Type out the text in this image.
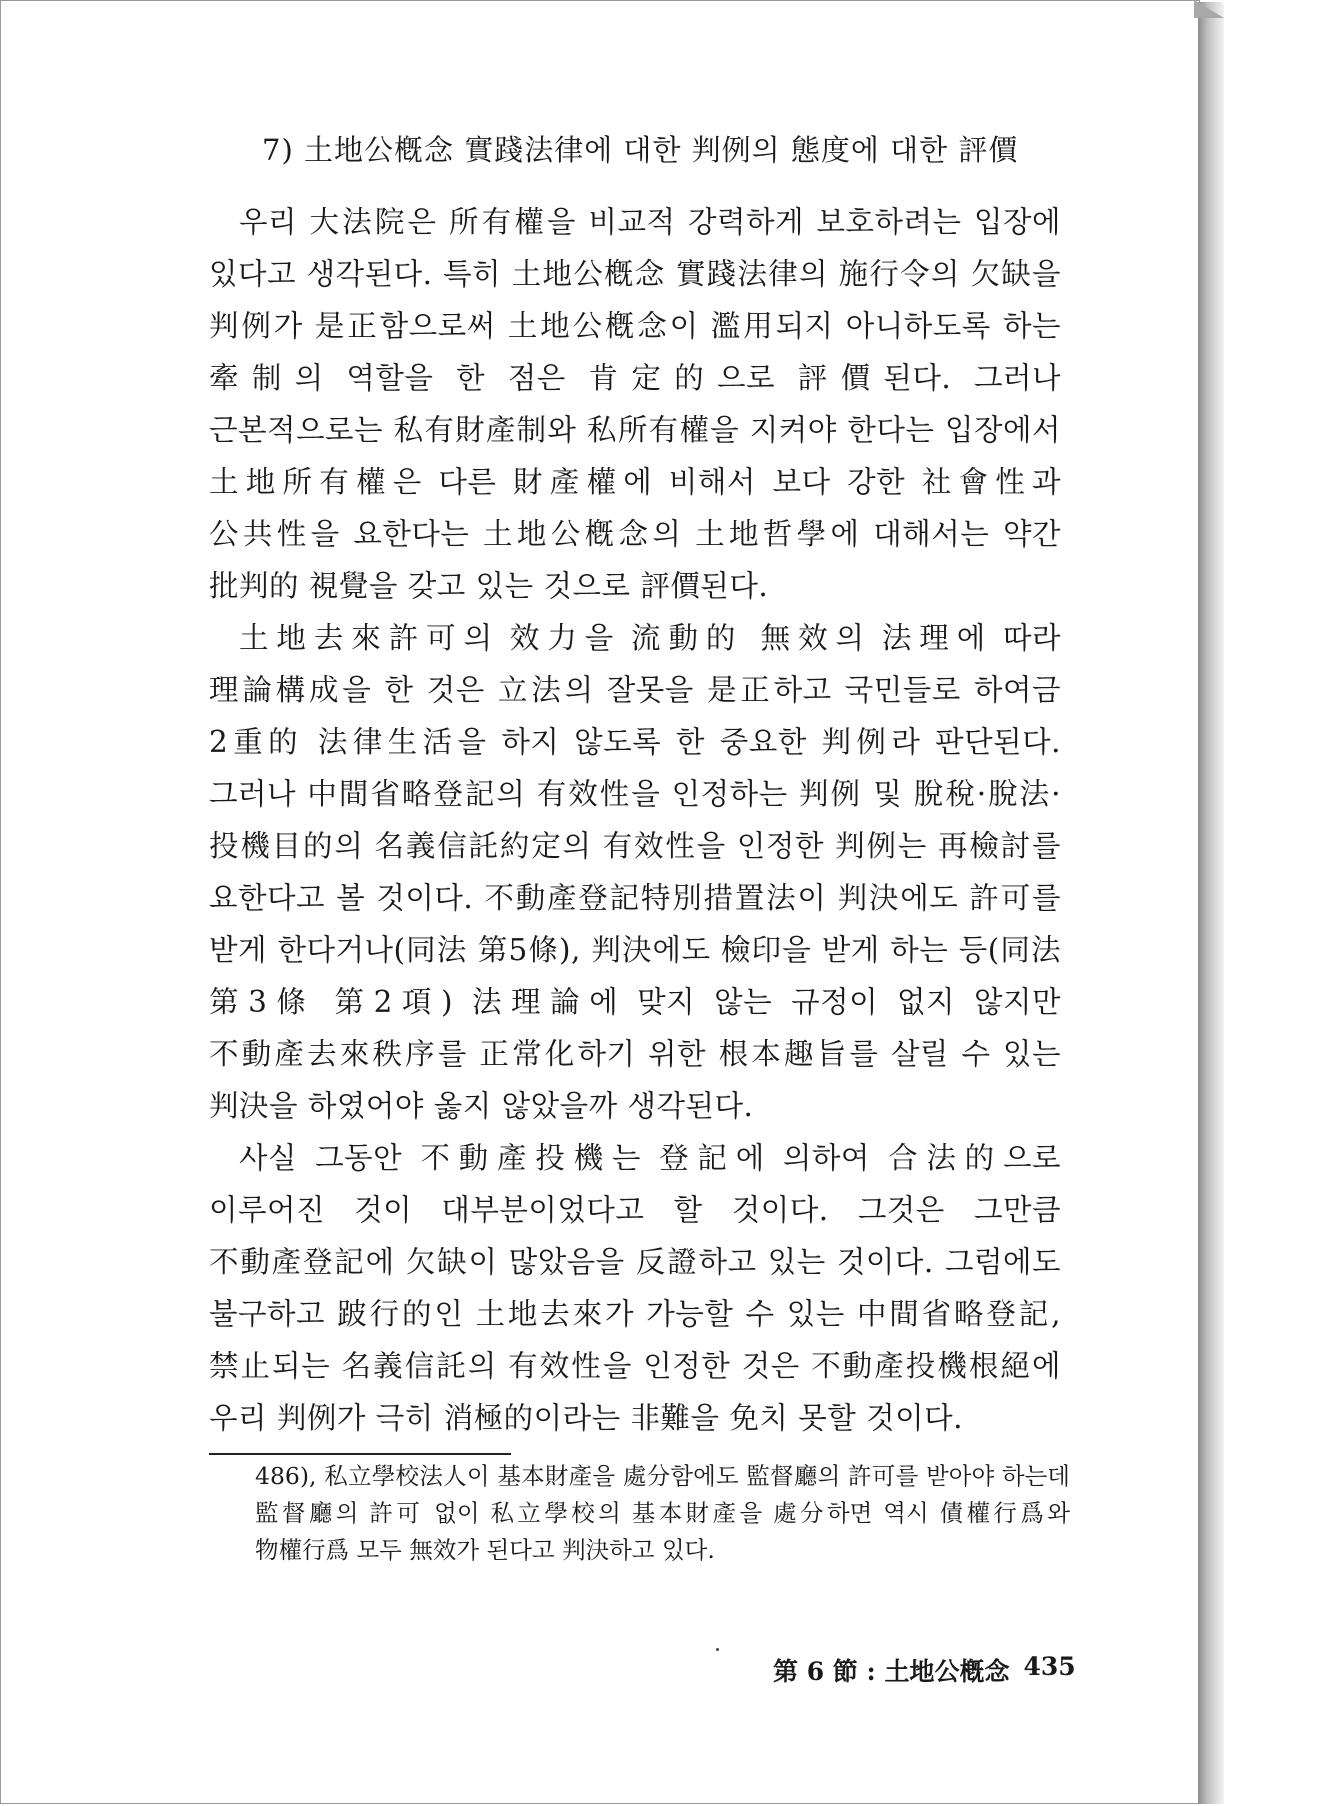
7) 土地公槪念 實踐法律에 대한 判例의 態度에 대한 評價

우리 大法院은 所有權을 비교적 강력하게 보호하려는 입장에 있다고 생각된다. 특히 土地公槪念 實踐法律의 施行令의 欠缺을 判例가 是正함으로써 土地公槪念이 濫用되지 아니하도록 하는 牽制의 역할을 한 점은 肯定的으로 評價된다. 그러나 근본적으로는 私有財產制와 私所有權을 지켜야 한다는 입장에서 土地所有權은 다른 財產權에 비해서 보다 강한 社會性과 公共性을 요한다는 土地公槪念의 土地哲學에 대해서는 약간 批判的 視覺을 갖고 있는 것으로 評價된다.

土地去來許可의 效力을 流動的 無效의 法理에 따라 理論構成을 한 것은 立法의 잘못을 是正하고 국민들로 하여금 2重的 法律生活을 하지 않도록 한 중요한 判例라 판단된다. 그러나 中間省略登記의 有效性을 인정하는 判例 및 脫稅·脫法·投機目的의 名義信託約定의 有效性을 인정한 判例는 再檢討를 요한다고 볼 것이다. 不動產登記特別措置法이 判決에도 許可를 받게 한다거나(同法 第5條), 判決에도 檢印을 받게 하는 등(同法 第3條 第2項) 法理論에 맞지 않는 규정이 없지 않지만 不動產去來秩序를 正常化하기 위한 根本趣旨를 살릴 수 있는 判決을 하였어야 옳지 않았을까 생각된다.

사실 그동안 不動產投機는 登記에 의하여 合法的으로 이루어진 것이 대부분이었다고 할 것이다. 그것은 그만큼 不動產登記에 欠缺이 많았음을 反證하고 있는 것이다. 그럼에도 불구하고 跛行的인 土地去來가 가능할 수 있는 中間省略登記, 禁止되는 名義信託의 有效性을 인정한 것은 不動產投機根絕에 우리 判例가 극히 消極的이라는 非難을 免치 못할 것이다.

486), 私立學校法人이 基本財產을 處分함에도 監督廳의 許可를 받아야 하는데 監督廳의 許可 없이 私立學校의 基本財產을 處分하면 역시 債權行爲와 物權行爲 모두 無效가 된다고 判決하고 있다.
第 6 節 : 土地公槪念 435
